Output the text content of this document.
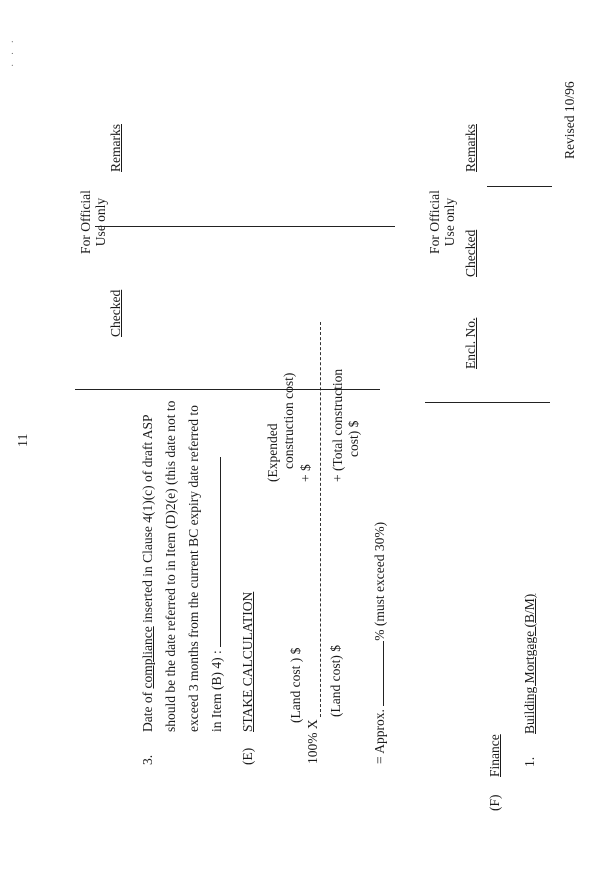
· · ·
11
3.
Date of compliance inserted in Clause 4(1)(c) of draft ASP should be the date referred to in Item (D)2(e) (this date not to exceed 3 months from the current BC expiry date referred to in Item (B) 4) :
(E)
STAKE CALCULATION (Land cost ) $
(Expended construction cost)
+ $
100% X
(Land cost) $
+ (Total construction cost) $
= Approx. % (must exceed 30%)
(F)
Finance 1.
Building Mortgage (B/M)
For Official Use only
Checked
Remarks
For Official Use only
Encl. No.
Checked
Remarks	Revised 10/96
